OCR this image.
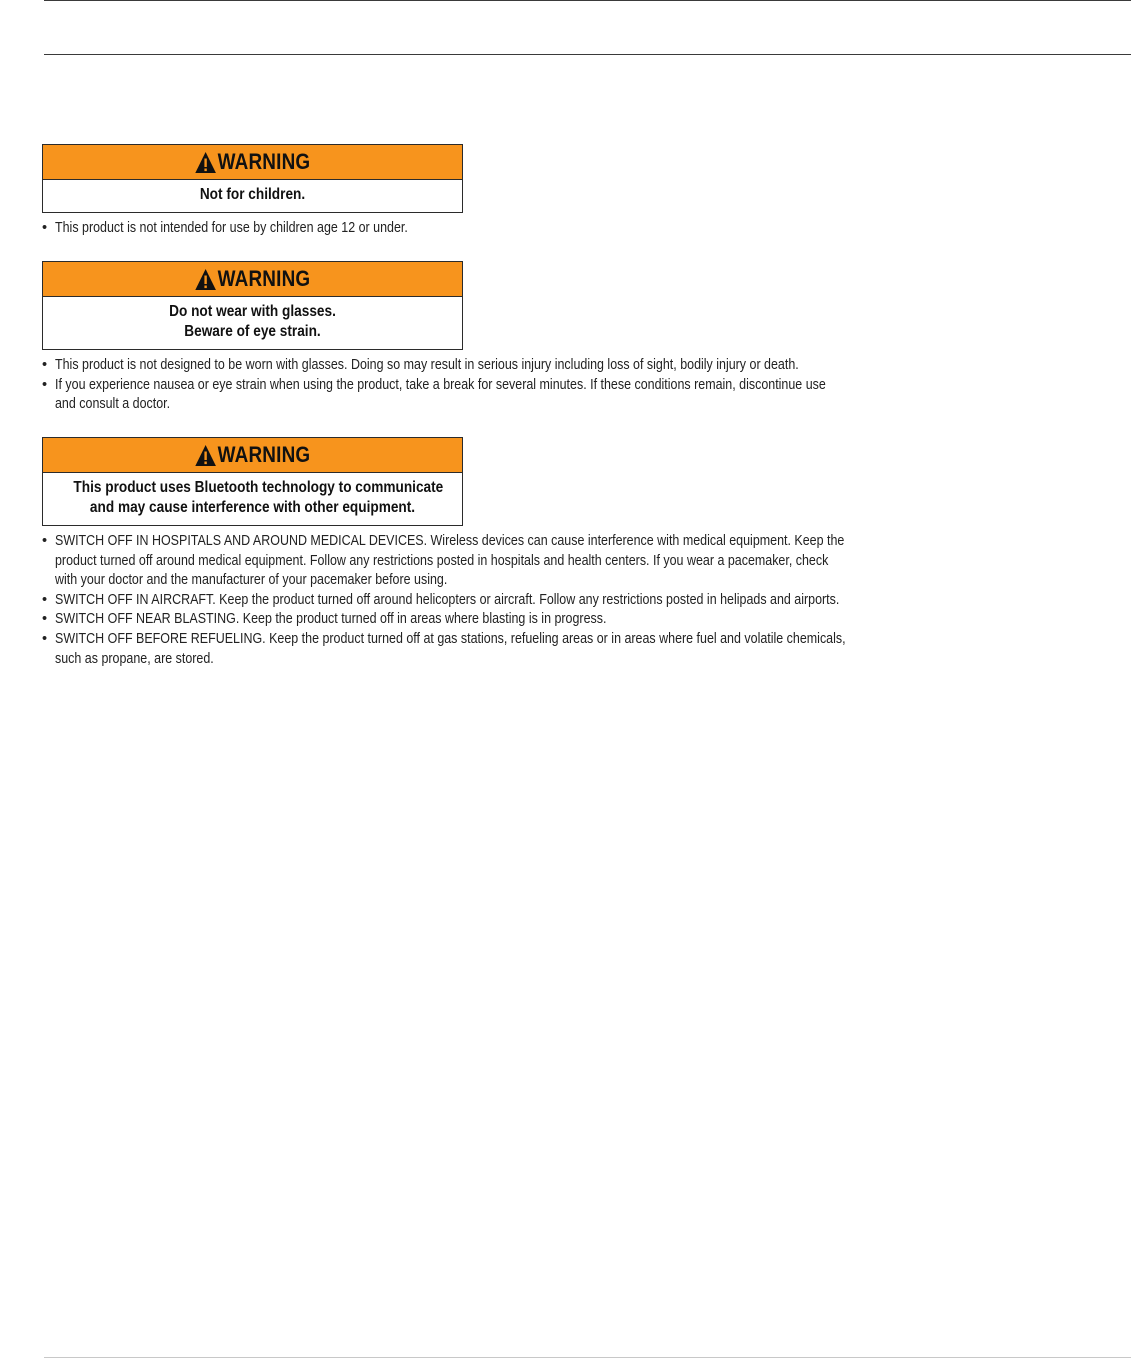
WARNING
Not for children.
• This product is not intended for use by children age 12 or under.
WARNING
Do not wear with glasses.
Beware of eye strain.
• This product is not designed to be worn with glasses. Doing so may result in serious injury including loss of sight, bodily injury or death.
• If you experience nausea or eye strain when using the product, take a break for several minutes. If these conditions remain, discontinue use
and consult a doctor.
WARNING
This product uses Bluetooth technology to communicate
and may cause interference with other equipment.
• SWITCH OFF IN HOSPITALS AND AROUND MEDICAL DEVICES. Wireless devices can cause interference with medical equipment. Keep the
product turned off around medical equipment. Follow any restrictions posted in hospitals and health centers. If you wear a pacemaker, check
with your doctor and the manufacturer of your pacemaker before using.
• SWITCH OFF IN AIRCRAFT. Keep the product turned off around helicopters or aircraft. Follow any restrictions posted in helipads and airports.
• SWITCH OFF NEAR BLASTING. Keep the product turned off in areas where blasting is in progress.
• SWITCH OFF BEFORE REFUELING. Keep the product turned off at gas stations, refueling areas or in areas where fuel and volatile chemicals,
such as propane, are stored.
